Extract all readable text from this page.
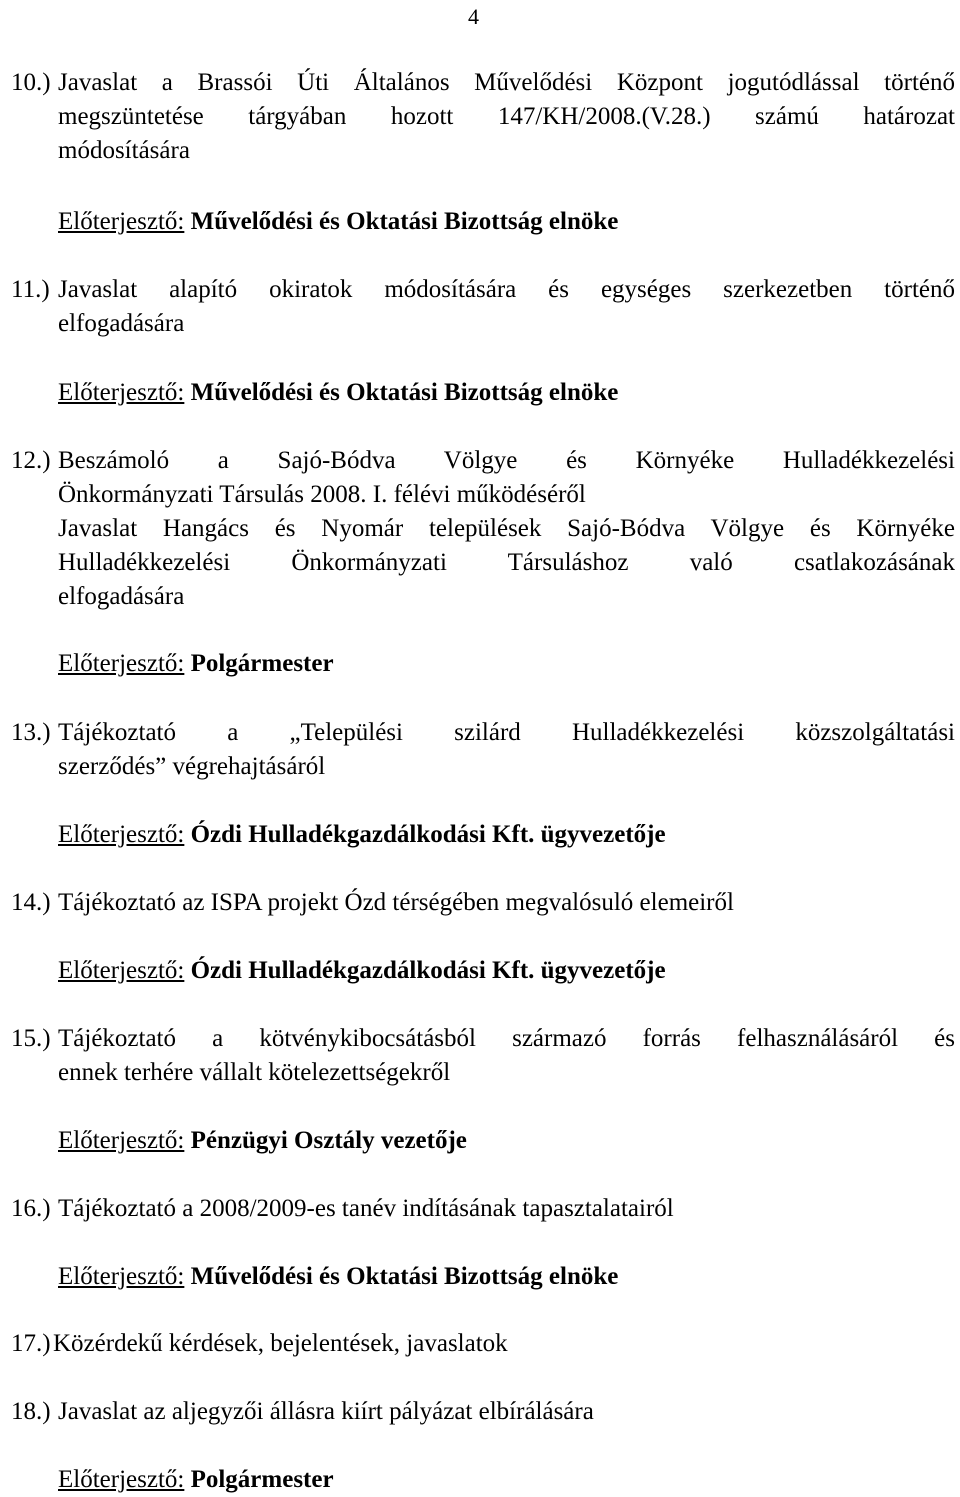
4
10.) Javaslat a Brassói Úti Általános Művelődési Központ jogutódlással történő
megszüntetése tárgyában hozott 147/KH/2008.(V.28.) számú határozat
módosítására
Előterjesztő: Művelődési és Oktatási Bizottság elnöke
11.) Javaslat alapító okiratok módosítására és egységes szerkezetben történő
elfogadására
Előterjesztő: Művelődési és Oktatási Bizottság elnöke
12.) Beszámoló a Sajó-Bódva Völgye és Környéke Hulladékkezelési
Önkormányzati Társulás 2008. I. félévi működéséről
Javaslat Hangács és Nyomár települések Sajó-Bódva Völgye és Környéke
Hulladékkezelési Önkormányzati Társuláshoz való csatlakozásának
elfogadására
Előterjesztő: Polgármester
13.) Tájékoztató a „Települési szilárd Hulladékkezelési közszolgáltatási
szerződés” végrehajtásáról
Előterjesztő: Ózdi Hulladékgazdálkodási Kft. ügyvezetője
14.) Tájékoztató az ISPA projekt Ózd térségében megvalósuló elemeiről
Előterjesztő: Ózdi Hulladékgazdálkodási Kft. ügyvezetője
15.) Tájékoztató a kötvénykibocsátásból származó forrás felhasználásáról és
ennek terhére vállalt kötelezettségekről
Előterjesztő: Pénzügyi Osztály vezetője
16.) Tájékoztató a 2008/2009-es tanév indításának tapasztalatairól
Előterjesztő: Művelődési és Oktatási Bizottság elnöke
17.) Közérdekű kérdések, bejelentések, javaslatok
18.) Javaslat az aljegyzői állásra kiírt pályázat elbírálására
Előterjesztő: Polgármester
